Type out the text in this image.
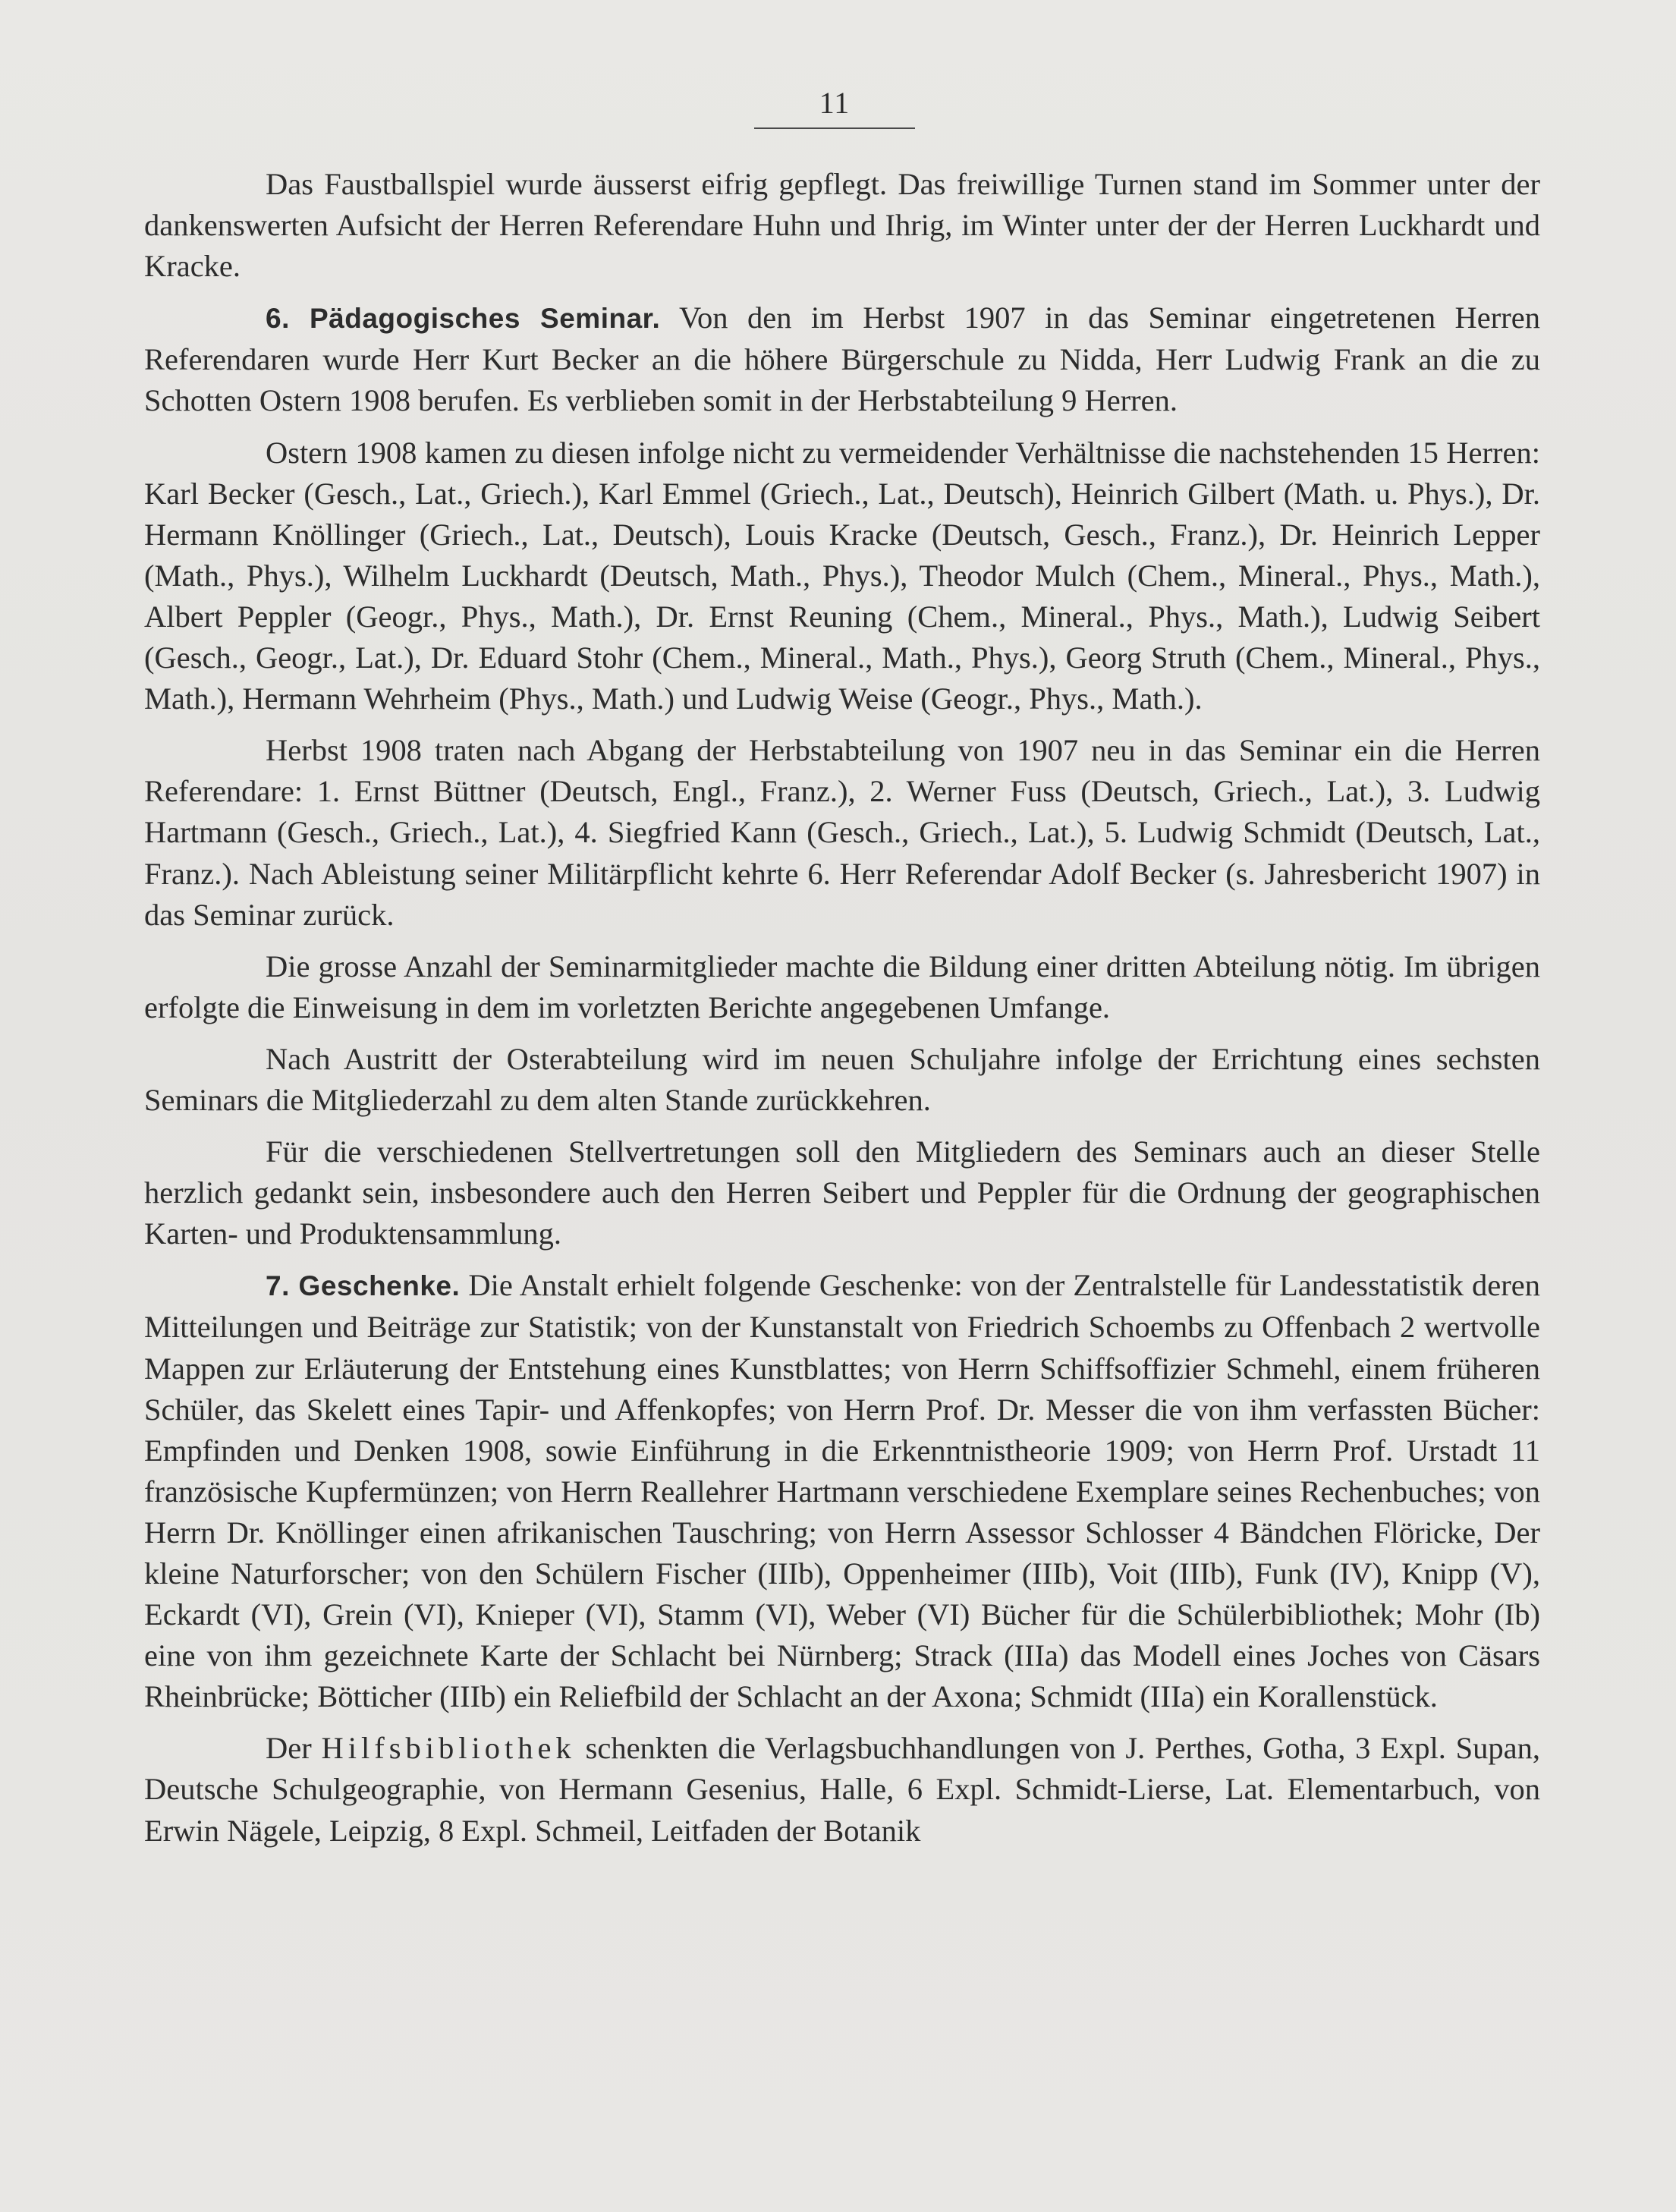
11

Das Faustballspiel wurde äusserst eifrig gepflegt. Das freiwillige Turnen stand im Sommer unter der dankenswerten Aufsicht der Herren Referendare Huhn und Ihrig, im Winter unter der der Herren Luckhardt und Kracke.

6. Pädagogisches Seminar. Von den im Herbst 1907 in das Seminar eingetretenen Herren Referendaren wurde Herr Kurt Becker an die höhere Bürgerschule zu Nidda, Herr Ludwig Frank an die zu Schotten Ostern 1908 berufen. Es verblieben somit in der Herbstabteilung 9 Herren.

Ostern 1908 kamen zu diesen infolge nicht zu vermeidender Verhältnisse die nachstehenden 15 Herren: Karl Becker (Gesch., Lat., Griech.), Karl Emmel (Griech., Lat., Deutsch), Heinrich Gilbert (Math. u. Phys.), Dr. Hermann Knöllinger (Griech., Lat., Deutsch), Louis Kracke (Deutsch, Gesch., Franz.), Dr. Heinrich Lepper (Math., Phys.), Wilhelm Luckhardt (Deutsch, Math., Phys.), Theodor Mulch (Chem., Mineral., Phys., Math.), Albert Peppler (Geogr., Phys., Math.), Dr. Ernst Reuning (Chem., Mineral., Phys., Math.), Ludwig Seibert (Gesch., Geogr., Lat.), Dr. Eduard Stohr (Chem., Mineral., Math., Phys.), Georg Struth (Chem., Mineral., Phys., Math.), Hermann Wehrheim (Phys., Math.) und Ludwig Weise (Geogr., Phys., Math.).

Herbst 1908 traten nach Abgang der Herbstabteilung von 1907 neu in das Seminar ein die Herren Referendare: 1. Ernst Büttner (Deutsch, Engl., Franz.), 2. Werner Fuss (Deutsch, Griech., Lat.), 3. Ludwig Hartmann (Gesch., Griech., Lat.), 4. Siegfried Kann (Gesch., Griech., Lat.), 5. Ludwig Schmidt (Deutsch, Lat., Franz.). Nach Ableistung seiner Militärpflicht kehrte 6. Herr Referendar Adolf Becker (s. Jahresbericht 1907) in das Seminar zurück.

Die grosse Anzahl der Seminarmitglieder machte die Bildung einer dritten Abteilung nötig. Im übrigen erfolgte die Einweisung in dem im vorletzten Berichte angegebenen Umfange.

Nach Austritt der Osterabteilung wird im neuen Schuljahre infolge der Errichtung eines sechsten Seminars die Mitgliederzahl zu dem alten Stande zurückkehren.

Für die verschiedenen Stellvertretungen soll den Mitgliedern des Seminars auch an dieser Stelle herzlich gedankt sein, insbesondere auch den Herren Seibert und Peppler für die Ordnung der geographischen Karten- und Produktensammlung.

7. Geschenke. Die Anstalt erhielt folgende Geschenke: von der Zentralstelle für Landesstatistik deren Mitteilungen und Beiträge zur Statistik; von der Kunstanstalt von Friedrich Schoembs zu Offenbach 2 wertvolle Mappen zur Erläuterung der Entstehung eines Kunstblattes; von Herrn Schiffsoffizier Schmehl, einem früheren Schüler, das Skelett eines Tapir- und Affenkopfes; von Herrn Prof. Dr. Messer die von ihm verfassten Bücher: Empfinden und Denken 1908, sowie Einführung in die Erkenntnistheorie 1909; von Herrn Prof. Urstadt 11 französische Kupfermünzen; von Herrn Reallehrer Hartmann verschiedene Exemplare seines Rechenbuches; von Herrn Dr. Knöllinger einen afrikanischen Tauschring; von Herrn Assessor Schlosser 4 Bändchen Flöricke, Der kleine Naturforscher; von den Schülern Fischer (IIIb), Oppenheimer (IIIb), Voit (IIIb), Funk (IV), Knipp (V), Eckardt (VI), Grein (VI), Knieper (VI), Stamm (VI), Weber (VI) Bücher für die Schülerbibliothek; Mohr (Ib) eine von ihm gezeichnete Karte der Schlacht bei Nürnberg; Strack (IIIa) das Modell eines Joches von Cäsars Rheinbrücke; Bötticher (IIIb) ein Reliefbild der Schlacht an der Axona; Schmidt (IIIa) ein Korallenstück.

Der Hilfsbibliothek schenkten die Verlagsbuchhandlungen von J. Perthes, Gotha, 3 Expl. Supan, Deutsche Schulgeographie, von Hermann Gesenius, Halle, 6 Expl. Schmidt-Lierse, Lat. Elementarbuch, von Erwin Nägele, Leipzig, 8 Expl. Schmeil, Leitfaden der Botanik
